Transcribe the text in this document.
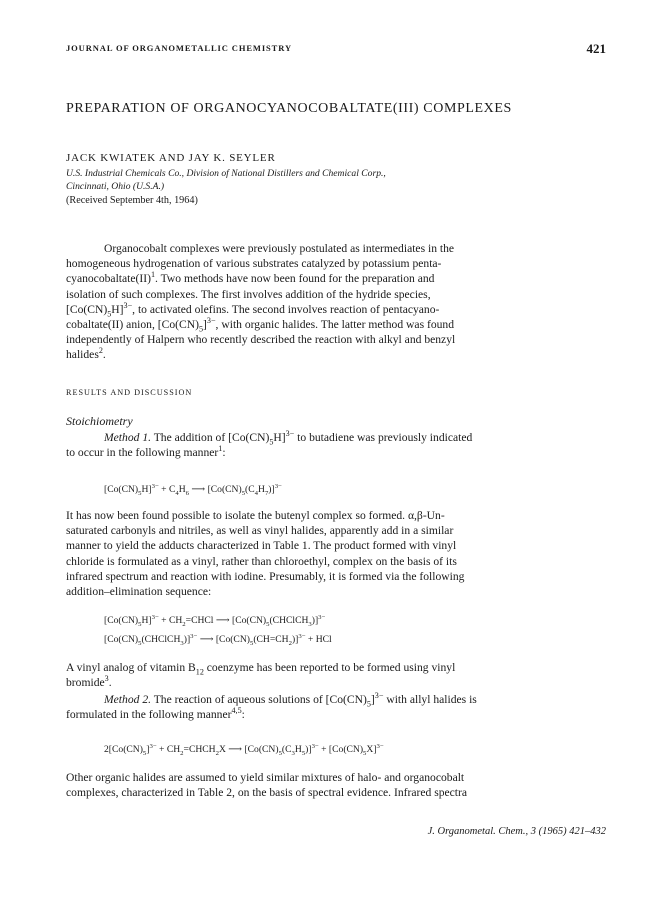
JOURNAL OF ORGANOMETALLIC CHEMISTRY	421
PREPARATION OF ORGANOCYANOCOBALTATE(III) COMPLEXES
JACK KWIATEK AND JAY K. SEYLER
U.S. Industrial Chemicals Co., Division of National Distillers and Chemical Corp.,
Cincinnati, Ohio (U.S.A.)
(Received September 4th, 1964)
Organocobalt complexes were previously postulated as intermediates in the
homogeneous hydrogenation of various substrates catalyzed by potassium penta-
cyanocobaltate(II)$^1$. Two methods have now been found for the preparation and
isolation of such complexes. The first involves addition of the hydride species,
$[Co(CN)_5H]^{3-}$, to activated olefins. The second involves reaction of pentacyano-
cobaltate(II) anion, $[Co(CN)_5]^{3-}$, with organic halides. The latter method was found
independently of Halpern who recently described the reaction with alkyl and benzyl
halides$^2$.
RESULTS AND DISCUSSION
Stoichiometry
Method 1. The addition of $[Co(CN)_5H]^{3-}$ to butadiene was previously indicated
to occur in the following manner$^1$:
$[Co(CN)_5H]^{3-} + C_4H_6$ ⟶ $[Co(CN)_5(C_4H_7)]^{3-}$
It has now been found possible to isolate the butenyl complex so formed. α,β-Un-
saturated carbonyls and nitriles, as well as vinyl halides, apparently add in a similar
manner to yield the adducts characterized in Table 1. The product formed with vinyl
chloride is formulated as a vinyl, rather than chloroethyl, complex on the basis of its
infrared spectrum and reaction with iodine. Presumably, it is formed via the following
addition–elimination sequence:
$[Co(CN)_5H]^{3-}$ + $CH_2=CHCl$ ⟶ $[Co(CN)_5(CHClCH_3)]^{3-}$
$[Co(CN)_5(CHClCH_3)]^{3-}$ ⟶ $[Co(CN)_5(CH=CH_2)]^{3-}$ + HCl
A vinyl analog of vitamin $B_{12}$ coenzyme has been reported to be formed using vinyl
bromide$^3$.
Method 2. The reaction of aqueous solutions of $[Co(CN)_5]^{3-}$ with allyl halides is
formulated in the following manner$^{4,5}$:
$2[Co(CN)_5]^{3-}$ + $CH_2=CHCH_2X$ ⟶ $[Co(CN)_5(C_3H_5)]^{3-} + [Co(CN)_5X]^{3-}$
Other organic halides are assumed to yield similar mixtures of halo- and organocobalt
complexes, characterized in Table 2, on the basis of spectral evidence. Infrared spectra
J. Organometal. Chem., 3 (1965) 421–432
